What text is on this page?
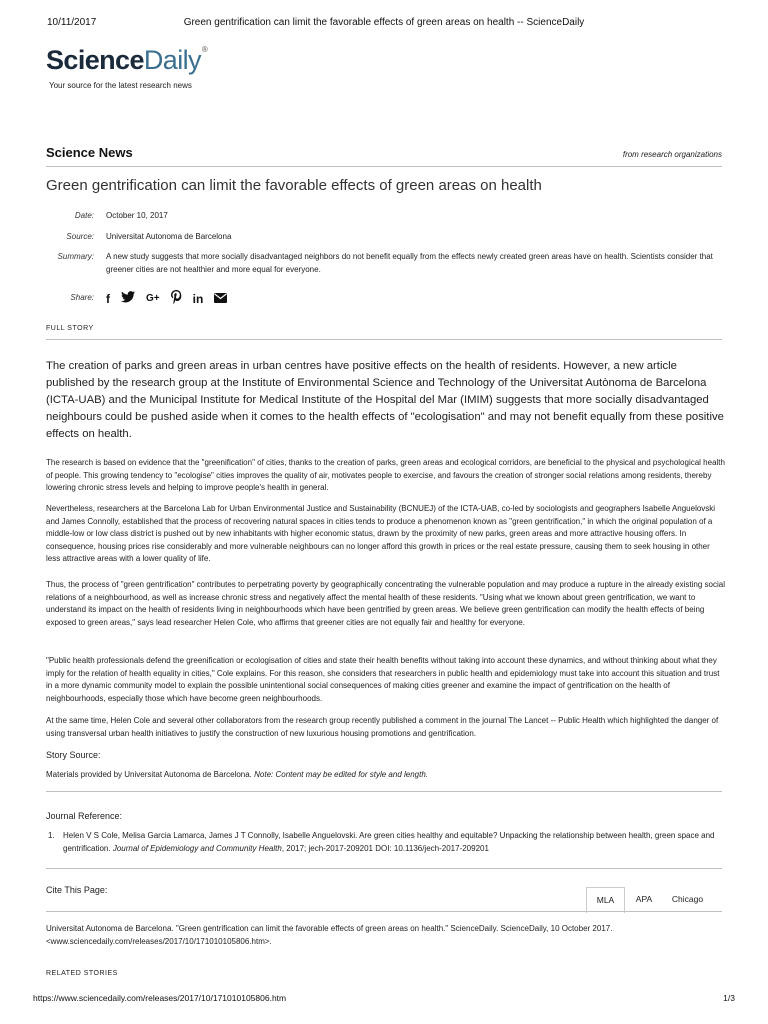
10/11/2017	Green gentrification can limit the favorable effects of green areas on health -- ScienceDaily
ScienceDaily®
Your source for the latest research news
Science News	from research organizations
Green gentrification can limit the favorable effects of green areas on health
Date: October 10, 2017
Source: Universitat Autonoma de Barcelona
Summary: A new study suggests that more socially disadvantaged neighbors do not benefit equally from the effects newly created green areas have on health. Scientists consider that greener cities are not healthier and more equal for everyone.
Share: f	G+	in
FULL STORY
The creation of parks and green areas in urban centres have positive effects on the health of residents. However, a new article published by the research group at the Institute of Environmental Science and Technology of the Universitat Autònoma de Barcelona (ICTA-UAB) and the Municipal Institute for Medical Institute of the Hospital del Mar (IMIM) suggests that more socially disadvantaged neighbours could be pushed aside when it comes to the health effects of "ecologisation" and may not benefit equally from these positive effects on health.
The research is based on evidence that the "greenification" of cities, thanks to the creation of parks, green areas and ecological corridors, are beneficial to the physical and psychological health of people. This growing tendency to "ecologise" cities improves the quality of air, motivates people to exercise, and favours the creation of stronger social relations among residents, thereby lowering chronic stress levels and helping to improve people's health in general.
Nevertheless, researchers at the Barcelona Lab for Urban Environmental Justice and Sustainability (BCNUEJ) of the ICTA-UAB, co-led by sociologists and geographers Isabelle Anguelovski and James Connolly, established that the process of recovering natural spaces in cities tends to produce a phenomenon known as "green gentrification," in which the original population of a middle-low or low class district is pushed out by new inhabitants with higher economic status, drawn by the proximity of new parks, green areas and more attractive housing offers. In consequence, housing prices rise considerably and more vulnerable neighbours can no longer afford this growth in prices or the real estate pressure, causing them to seek housing in other less attractive areas with a lower quality of life.
Thus, the process of "green gentrification" contributes to perpetrating poverty by geographically concentrating the vulnerable population and may produce a rupture in the already existing social relations of a neighbourhood, as well as increase chronic stress and negatively affect the mental health of these residents. "Using what we known about green gentrification, we want to understand its impact on the health of residents living in neighbourhoods which have been gentrified by green areas. We believe green gentrification can modify the health effects of being exposed to green areas," says lead researcher Helen Cole, who affirms that greener cities are not equally fair and healthy for everyone.
"Public health professionals defend the greenification or ecologisation of cities and state their health benefits without taking into account these dynamics, and without thinking about what they imply for the relation of health equality in cities," Cole explains. For this reason, she considers that researchers in public health and epidemiology must take into account this situation and trust in a more dynamic community model to explain the possible unintentional social consequences of making cities greener and examine the impact of gentrification on the health of neighbourhoods, especially those which have become green neighbourhoods.
At the same time, Helen Cole and several other collaborators from the research group recently published a comment in the journal The Lancet -- Public Health which highlighted the danger of using transversal urban health initiatives to justify the construction of new luxurious housing promotions and gentrification.
Story Source:
Materials provided by Universitat Autonoma de Barcelona. Note: Content may be edited for style and length.
Journal Reference:
1. Helen V S Cole, Melisa Garcia Lamarca, James J T Connolly, Isabelle Anguelovski. Are green cities healthy and equitable? Unpacking the relationship between health, green space and gentrification. Journal of Epidemiology and Community Health, 2017; jech-2017-209201 DOI: 10.1136/jech-2017-209201
Cite This Page:
MLA	APA	Chicago
Universitat Autonoma de Barcelona. "Green gentrification can limit the favorable effects of green areas on health." ScienceDaily. ScienceDaily, 10 October 2017. <www.sciencedaily.com/releases/2017/10/171010105806.htm>.
RELATED STORIES
https://www.sciencedaily.com/releases/2017/10/171010105806.htm	1/3
